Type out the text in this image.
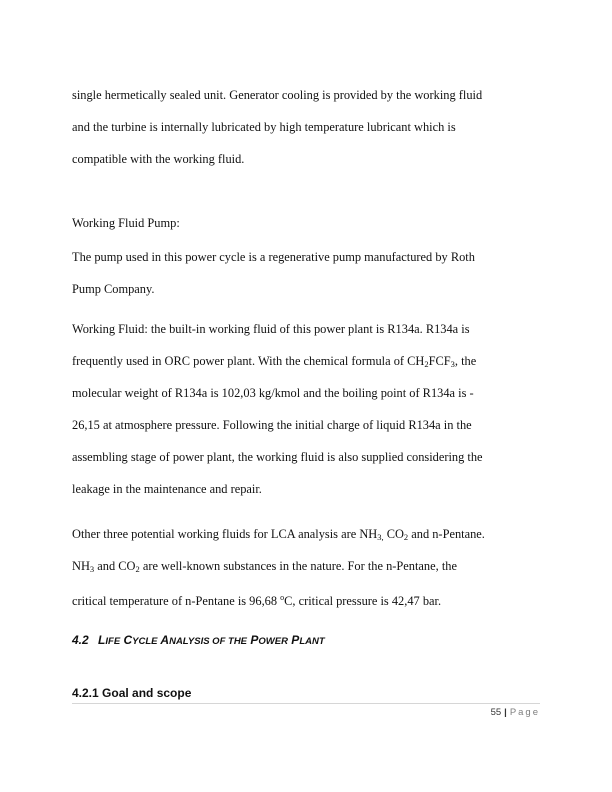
single hermetically sealed unit. Generator cooling is provided by the working fluid
and the turbine is internally lubricated by high temperature lubricant which is
compatible with the working fluid.
Working Fluid Pump:
The pump used in this power cycle is a regenerative pump manufactured by Roth
Pump Company.
Working Fluid: the built-in working fluid of this power plant is R134a. R134a is
frequently used in ORC power plant. With the chemical formula of $CH_2FCF_3$, the
molecular weight of R134a is 102,03 kg/kmol and the boiling point of R134a is -
26,15 at atmosphere pressure. Following the initial charge of liquid R134a in the
assembling stage of power plant, the working fluid is also supplied considering the
leakage in the maintenance and repair.
Other three potential working fluids for LCA analysis are $NH_{3,}$ $CO_2$ and n-Pentane.
$NH_3$ and $CO_2$ are well-known substances in the nature. For the n-Pentane, the
critical temperature of n-Pentane is 96,68 $^o$C, critical pressure is 42,47 bar.
4.2 LIFE CYCLE ANALYSIS OF THE POWER PLANT
4.2.1 Goal and scope
55 | Page
